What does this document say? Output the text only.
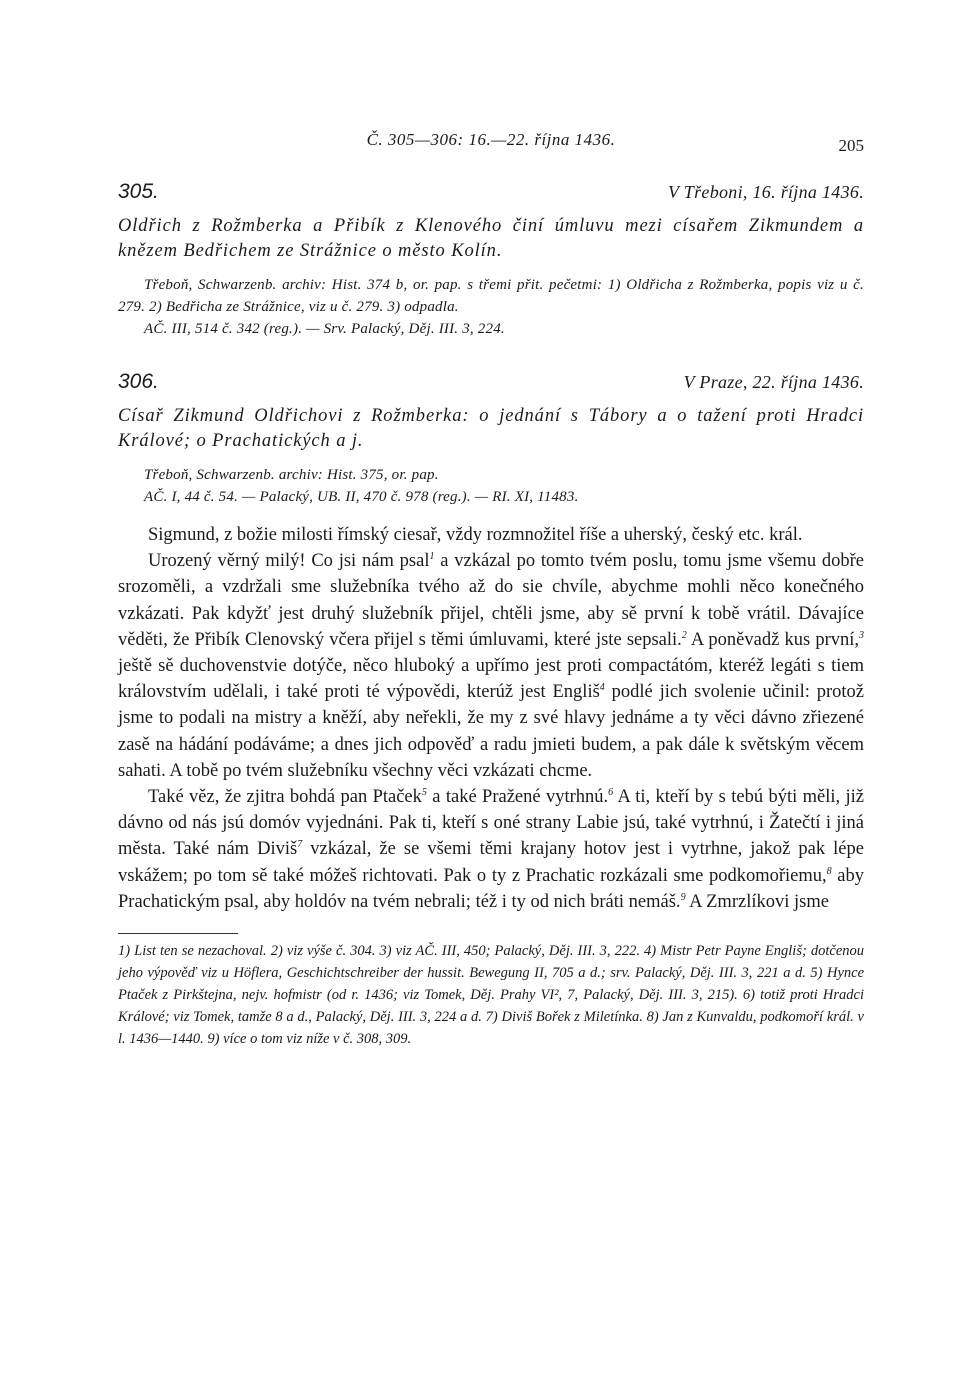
Č. 305—306: 16.—22. října 1436.	205
305.	V Třeboni, 16. října 1436.

Oldřich z Rožmberka a Přibík z Klenového činí úmluvu mezi císařem Zikmundem a knězem Bedřichem ze Strážnice o město Kolín.

Třeboň, Schwarzenb. archiv: Hist. 374 b, or. pap. s třemi přit. pečetmi: 1) Oldřicha z Rožmberka, popis viz u č. 279. 2) Bedřicha ze Strážnice, viz u č. 279. 3) odpadla.

AČ. III, 514 č. 342 (reg.). — Srv. Palacký, Děj. III. 3, 224.

306.	V Praze, 22. října 1436.

Císař Zikmund Oldřichovi z Rožmberka: o jednání s Tábory a o tažení proti Hradci Králové; o Prachatických a j.

Třeboň, Schwarzenb. archiv: Hist. 375, or. pap.

AČ. I, 44 č. 54. — Palacký, UB. II, 470 č. 978 (reg.). — RI. XI, 11483.

Sigmund, z božie milosti římský ciesař, vždy rozmnožitel říše a uherský, český etc. král.

Urozený věrný milý! Co jsi nám psal$^1$ a vzkázal po tomto tvém poslu, tomu jsme všemu dobře srozoměli, a vzdržali sme služebníka tvého až do sie chvíle, abychme mohli něco konečného vzkázati. Pak kdyžť jest druhý služebník přijel, chtěli jsme, aby sě první k tobě vrátil. Dávajíce věděti, že Přibík Clenovský včera přijel s těmi úmluvami, které jste sepsali.$^2$ A poněvadž kus první,$^3$ ještě sě duchovenstvie dotýče, něco hluboký a upřímo jest proti compactátóm, kteréž legáti s tiem královstvím udělali, i také proti té výpovědi, kterúž jest Engliš$^4$ podlé jich svolenie učinil: protož jsme to podali na mistry a kněží, aby neřekli, že my z své hlavy jednáme a ty věci dávno zřiezené zasě na hádání podáváme; a dnes jich odpověď a radu jmieti budem, a pak dále k světským věcem sahati. A tobě po tvém služebníku všechny věci vzkázati chcme.

Také věz, že zjitra bohdá pan Ptaček$^5$ a také Pražené vytrhnú.$^6$ A ti, kteří by s tebú býti měli, již dávno od nás jsú domóv vyjednáni. Pak ti, kteří s oné strany Labie jsú, také vytrhnú, i Žatečtí i jiná města. Také nám Diviš$^7$ vzkázal, že se všemi těmi krajany hotov jest i vytrhne, jakož pak lépe vskážem; po tom sě také móžeš richtovati. Pak o ty z Prachatic rozkázali sme podkomořiemu,$^8$ aby Prachatickým psal, aby holdóv na tvém nebrali; též i ty od nich bráti nemáš.$^9$ A Zmrzlíkovi jsme

1) List ten se nezachoval. 2) viz výše č. 304. 3) viz AČ. III, 450; Palacký, Děj. III. 3, 222. 4) Mistr Petr Payne Engliš; dotčenou jeho výpověď viz u Höflera, Geschichtschreiber der hussit. Bewegung II, 705 a d.; srv. Palacký, Děj. III. 3, 221 a d. 5) Hynce Ptaček z Pirkštejna, nejv. hofmistr (od r. 1436; viz Tomek, Děj. Prahy VI², 7, Palacký, Děj. III. 3, 215). 6) totiž proti Hradci Králové; viz Tomek, tamže 8 a d., Palacký, Děj. III. 3, 224 a d. 7) Diviš Bořek z Miletínka. 8) Jan z Kunvaldu, podkomoří král. v l. 1436—1440. 9) více o tom viz níže v č. 308, 309.
